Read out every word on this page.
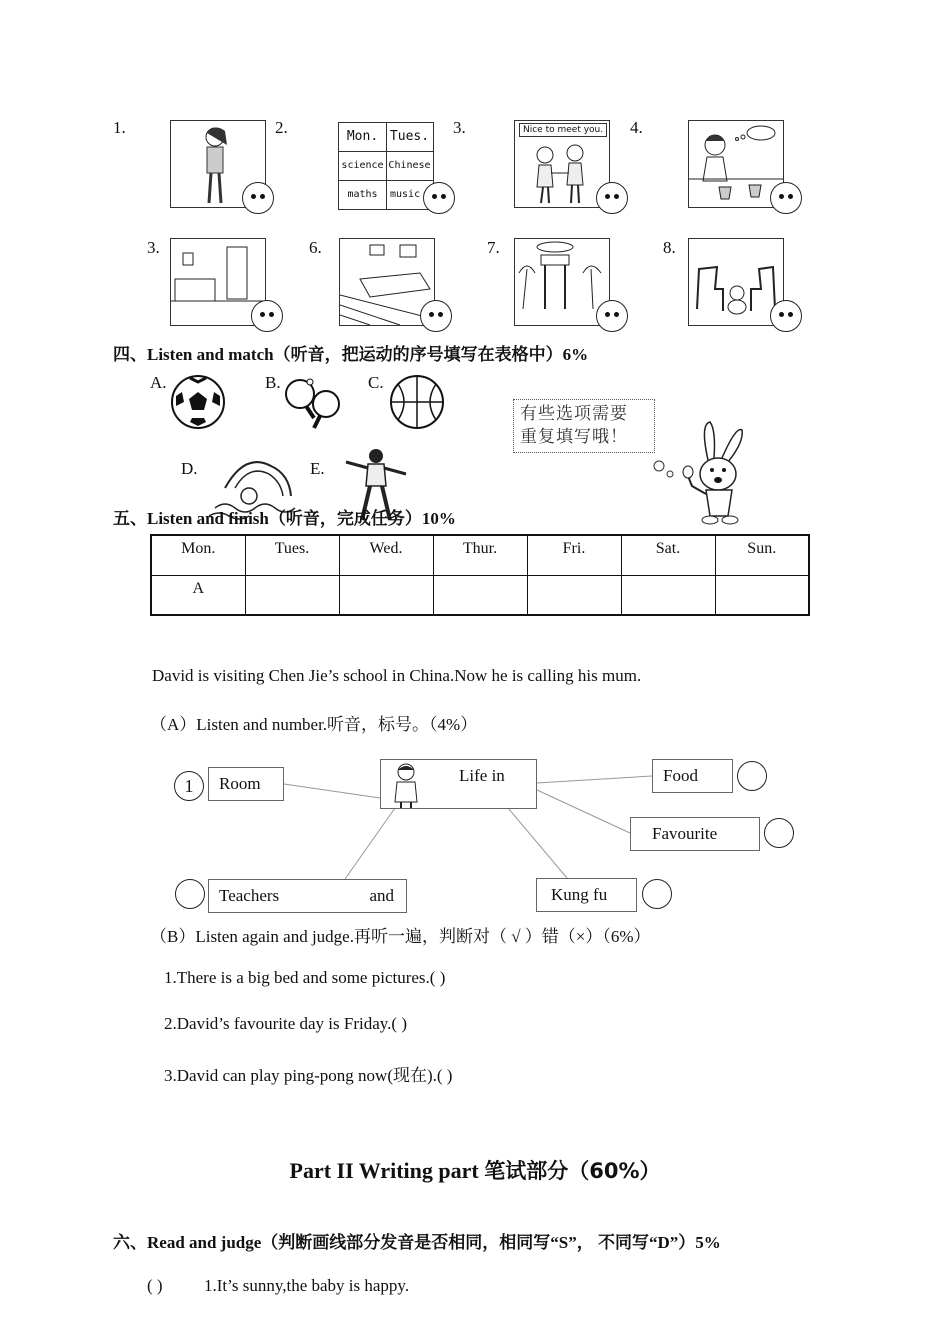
1.	2.	Mon. Tues.
science Chinese
maths	music
3.	Nice to meet you. 4.
3.	6.	7.	8.
四、Listen and match（听音，把运动的序号填写在表格中）6%
A.	B.	C.
有些选项需要
重复填写哦！
D.	E.
五、Listen and finish（听音，完成任务）10%
Mon.	Tues.	Wed.	Thur.	Fri.	Sat.	Sun.
A						
David is visiting Chen Jie’s school in China.Now he is calling his mum.
（A）Listen and number.听音，标号。（4%）
1	Room	Life in	Food
Favourite
Teachers	and	Kung fu
（B）Listen again and judge.再听一遍，判断对（ √ ）错（×）（6%）
1.There is a big bed and some pictures.( )
2.David’s favourite day is Friday.( )
3.David can play ping-pong now(现在).( )
Part II Writing part 笔试部分（60%）
六、Read and judge（判断画线部分发音是否相同，相同写“S”， 不同写“D”）5%
( ) 1.It’s sunny,the baby is happy.
